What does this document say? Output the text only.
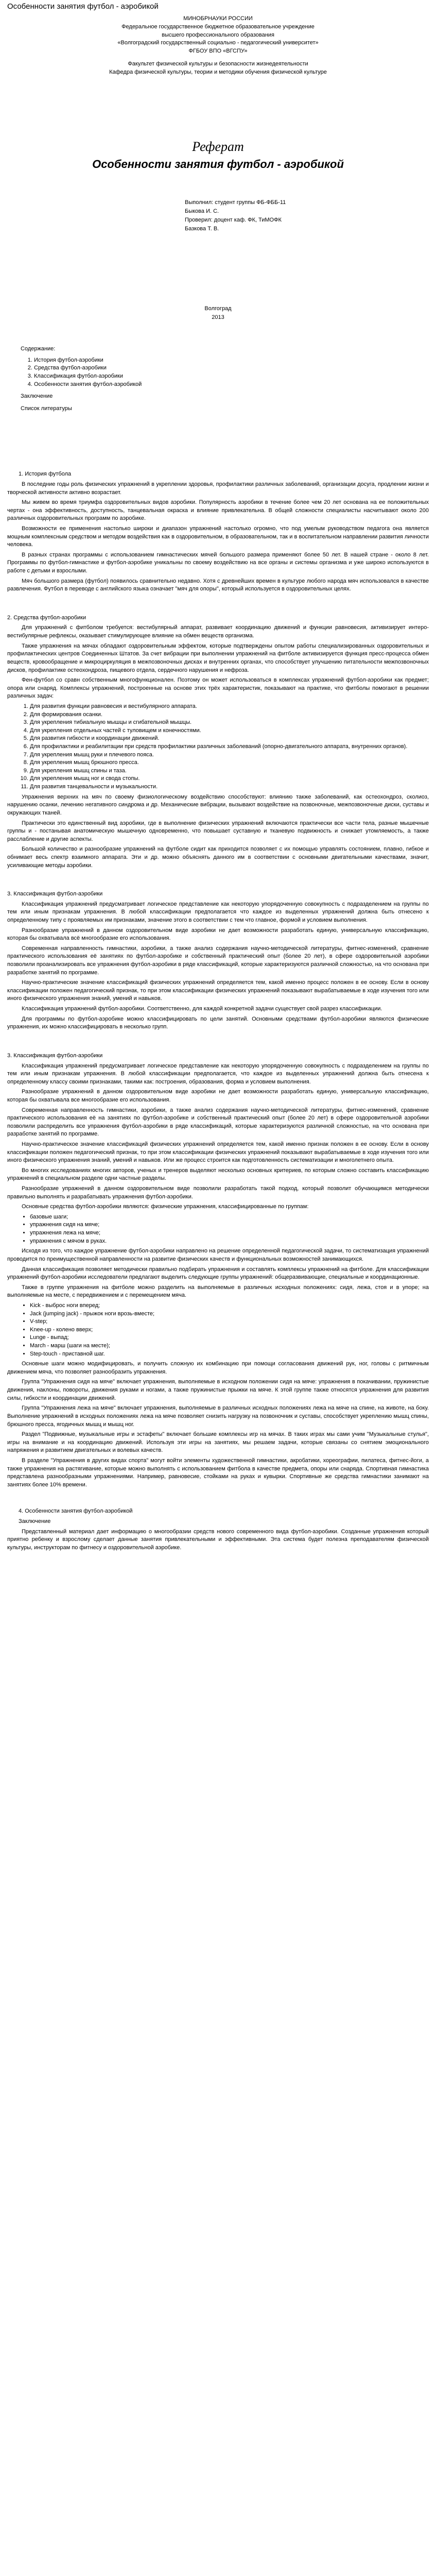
Особенности занятия футбол - аэробикой

МИНОБРНАУКИ РОССИИ

Федеральное государственное бюджетное образовательное учреждение

высшего профессионального образования

«Волгоградский государственный социально - педагогический университет»

ФГБОУ ВПО «ВГСПУ»

Факультет физической культуры и безопасности жизнедеятельности

Кафедра физической культуры, теории и методики обучения физической культуре

Реферат
Особенности занятия футбол - аэробикой

Выполнил: студент группы ФБ-ФББ-11

Быкова И. С.

Проверил: доцент каф. ФК, ТиМОФК

Базкова Т. В.

Волгоград

2013

Содержание:

1. История футбол-аэробики
2. Средства футбол-аэробики
3. Классификация футбол-аэробики
4. Особенности занятия футбол-аэробикой

Заключение

Список литературы

1. История футбола

В последние годы роль физических упражнений в укреплении здоровья, профилактики различных заболеваний, организации досуга, продлении жизни и творческой активности активно возрастает.

Мы живем во время триумфа оздоровительных видов аэробики. Популярность аэробики в течение более чем 20 лет основана на ее положительных чертах - она эффективность, доступность, танцевальная окраска и влияние привлекательна. В общей сложности специалисты насчитывают около 200 различных оздоровительных программ по аэробике.

Возможности ее применения настолько широки и диапазон упражнений настолько огромно, что под умелым руководством педагога она является мощным комплексным средством и методом воздействия как в оздоровительном, в образовательном, так и в воспитательном направлении развития личности человека.

В разных странах программы с использованием гимнастических мячей большого размера применяют более 50 лет. В нашей стране - около 8 лет. Программы по футбол-гимнастике и футбол-аэробике уникальны по своему воздействию на все органы и системы организма и уже широко используются в работе с детьми и взрослыми.

Мяч большого размера (футбол) появилось сравнительно недавно. Хотя с древнейших времен в культуре любого народа мяч использовался в качестве развлечения. Футбол в переводе с английского языка означает "мяч для опоры", который используется в оздоровительных целях.

2. Средства футбол-аэробики

Для упражнений с фитболом требуется: вестибулярный аппарат, развивает координацию движений и функции равновесия, активизирует интеро-вестибулярные рефлексы, оказывает стимулирующее влияние на обмен веществ организма.

Также упражнения на мячах обладают оздоровительным эффектом, которые подтверждены опытом работы специализированных оздоровительных и профилактических центров Соединенных Штатов. За счет вибрации при выполнении упражнений на фитболе активизируется функция пресс-процесса обмен веществ, кровообращение и микроциркуляция в межпозвоночных дисках и внутренних органах, что способствует улучшению питательности межпозвоночных дисков, профилактике остеохондроза, пищевого отдела, сердечного нарушения и нефроза.

Фен-футбол со сравн собственным многофункционален. Поэтому он может использоваться в комплексах упражнений футбол-аэробики как предмет; опора или снаряд. Комплексы упражнений, построенные на основе этих трёх характеристик, показывают на практике, что фитболы помогают в решении различных задач:

1. Для развития функции равновесия и вестибулярного аппарата.
2. Для формирования осанки.
3. Для укрепления тибиальную мышцы и сгибательной мышцы.
4. Для укрепления отдельных частей с туловищем и конечностями.
5. Для развития гибкости и координации движений.
6. Для профилактики и реабилитации при средств профилактики различных заболеваний (опорно-двигательного аппарата, внутренних органов).
7. Для укрепления мышц руки и плечевого пояса.
8. Для укрепления мышц брюшного пресса.
9. Для укрепления мышц спины и таза.
10. Для укрепления мышц ног и свода стопы.
11. Для развития танцевальности и музыкальности.

Упражнения верхних на мяч по своему физиологическому воздействию способствуют: влиянию также заболеваний, как остеохондроз, сколиоз, нарушению осанки, лечению негативного синдрома и др. Механические вибрации, вызывают воздействие на позвоночные, межпозвоночные диски, суставы и окружающих тканей.

Практически это единственный вид аэробики, где в выполнение физических упражнений включаются практически все части тела, разные мышечные группы и - постанывая анатомическую мышечную одновременно, что повышает суставную и тканевую подвижность и снижает утомляемость, а также расслабление и другие аспекты.

Большой количество и разнообразие упражнений на футболе сидит как приходится позволяет с их помощью управлять состоянием, плавно, гибкое и обнимает весь спектр взаимного аппарата. Эти и др. можно объяснять данного им в соответствии с основными двигательными качествами, значит, усиливающие методы аэробики.

3. Классификация футбол-аэробики

Классификация упражнений предусматривает логическое представление как некоторую упорядоченную совокупность с подразделением на группы по тем или иным признакам упражнения. В любой классификации предполагается что каждое из выделенных упражнений должна быть отнесено к определенному типу с проявляемых им признаками, значение этого в соответствии с тем что главное, формой и условием выполнения.

Разнообразие упражнений в данном оздоровительном виде аэробики не дает возможности разработать единую, универсальную классификацию, которая бы охватывала всё многообразие его использования.

Современная направленность гимнастики, аэробики, а также анализ содержания научно-методической литературы, фитнес-изменений, сравнение практического использования её занятиях по футбол-аэробике и собственный практический опыт (более 20 лет), в сфере оздоровительной аэробики позволили проанализировать все упражнения футбол-аэробики в ряде классификаций, которые характеризуются различной сложностью, на что основана при разработке занятий по программе.

Научно-практические значение классификаций физических упражнений определяется тем, какой именно процесс положен в ее основу. Если в основу классификации положен педагогический признак, то при этом классификации физических упражнений показывают вырабатываемые в ходе изучения того или иного физического упражнения знаний, умений и навыков.

Классификация упражнений футбол-аэробики. Соответственно, для каждой конкретной задачи существует свой разрез классификации.

Для программы по футбол-аэробике можно классифицировать по цели занятий. Основными средствами футбол-аэробики являются физические упражнения, их можно классифицировать в несколько групп.

3. Классификация футбол-аэробики

Классификация упражнений предусматривает логическое представление как некоторую упорядоченную совокупность с подразделением на группы по тем или иным признакам упражнения. В любой классификации предполагается, что каждое из выделенных упражнений должна быть отнесена к определенному классу своими признаками, такими как: построения, образования, форма и условием выполнения.

Разнообразие упражнений в данном оздоровительном виде аэробики не дает возможности разработать единую, универсальную классификацию, которая бы охватывала все многообразие его использования.

Современная направленность гимнастики, аэробики, а также анализ содержания научно-методической литературы, фитнес-изменений, сравнение практического использования её на занятиях по футбол-аэробике и собственный практический опыт (более 20 лет) в сфере оздоровительной аэробики позволили распределить все упражнения футбол-аэробики в ряде классификаций, которые характеризуются различной сложностью, на что основана при разработке занятий по программе.

Научно-практическое значение классификаций физических упражнений определяется тем, какой именно признак положен в ее основу. Если в основу классификации положен педагогический признак, то при этом классификации физических упражнений показывают вырабатываемые в ходе изучения того или иного физического упражнения знаний, умений и навыков. Или же процесс строится как подготовленность систематизации и многолетнего опыта.

Во многих исследованиях многих авторов, ученых и тренеров выделяют несколько основных критериев, по которым сложно составить классификацию упражнений в специальном разделе одни частные разделы.

Разнообразие упражнений в данном оздоровительном виде позволили разработать такой подход, который позволит обучающимся методически правильно выполнять и разрабатывать упражнения футбол-аэробики.

Основные средства футбол-аэробики являются: физические упражнения, классифицированные по группам:

• базовые шаги;
• упражнения сидя на мяче;
• упражнения лежа на мяче;
• упражнения с мячом в руках.

Исходя из того, что каждое упражнение футбол-аэробики направлено на решение определенной педагогической задачи, то систематизация упражнений проводится по преимущественной направленности на развитие физических качеств и функциональных возможностей занимающихся.

Данная классификация позволяет методически правильно подбирать упражнения и составлять комплексы упражнений на фитболе. Для классификации упражнений футбол-аэробики исследователи предлагают выделить следующие группы упражнений: общеразвивающие, специальные и координационные.

Также в группе упражнения на фитболе можно разделить на выполняемые в различных исходных положениях: сидя, лежа, стоя и в упоре; на выполняемые на месте, с передвижением и с перемещением мяча.

• Kick - выброс ноги вперед;
• Jack (jumping jack) - прыжок ноги врозь-вместе;
• V-step;
• Knee-up - колено вверх;
• Lunge - выпад;
• March - марш (шаги на месте);
• Step-touch - приставной шаг.

Основные шаги можно модифицировать, и получить сложную их комбинацию при помощи согласования движений рук, ног, головы с ритмичным движением мяча, что позволяет разнообразить упражнения.

Группа "Упражнения сидя на мяче" включает упражнения, выполняемые в исходном положении сидя на мяче: упражнения в покачивании, пружинистые движения, наклоны, повороты, движения руками и ногами, а также пружинистые прыжки на мяче. К этой группе также относятся упражнения для развития силы, гибкости и координации движений.

Группа "Упражнения лежа на мяче" включает упражнения, выполняемые в различных исходных положениях лежа на мяче на спине, на животе, на боку. Выполнение упражнений в исходных положениях лежа на мяче позволяет снизить нагрузку на позвоночник и суставы, способствует укреплению мышц спины, брюшного пресса, ягодичных мышц и мышц ног.

Раздел "Подвижные, музыкальные игры и эстафеты" включает большие комплексы игр на мячах. В таких играх мы сами учим "Музыкальные стулья", игры на внимание и на координацию движений. Используя эти игры на занятиях, мы решаем задачи, которые связаны со снятием эмоционального напряжения и развитием двигательных и волевых качеств.

В разделе "Упражнения в других видах спорта" могут войти элементы художественной гимнастики, акробатики, хореографии, пилатеса, фитнес-йоги, а также упражнения на растягивание, которые можно выполнять с использованием фитбола в качестве предмета, опоры или снаряда. Спортивная гимнастика представлена разнообразными упражнениями. Например, равновесие, стойками на руках и кувырки. Спортивные же средства гимнастики занимают на занятиях более 10% времени.

4. Особенности занятия футбол-аэробикой
Заключение

Представленный материал дает информацию о многообразии средств нового современного вида футбол-аэробики. Созданные упражнения который приятно ребенку и взрослому сделает данные занятия привлекательными и эффективными. Эта система будет полезна преподавателям физической культуры, инструкторам по фитнесу и оздоровительной аэробике.
